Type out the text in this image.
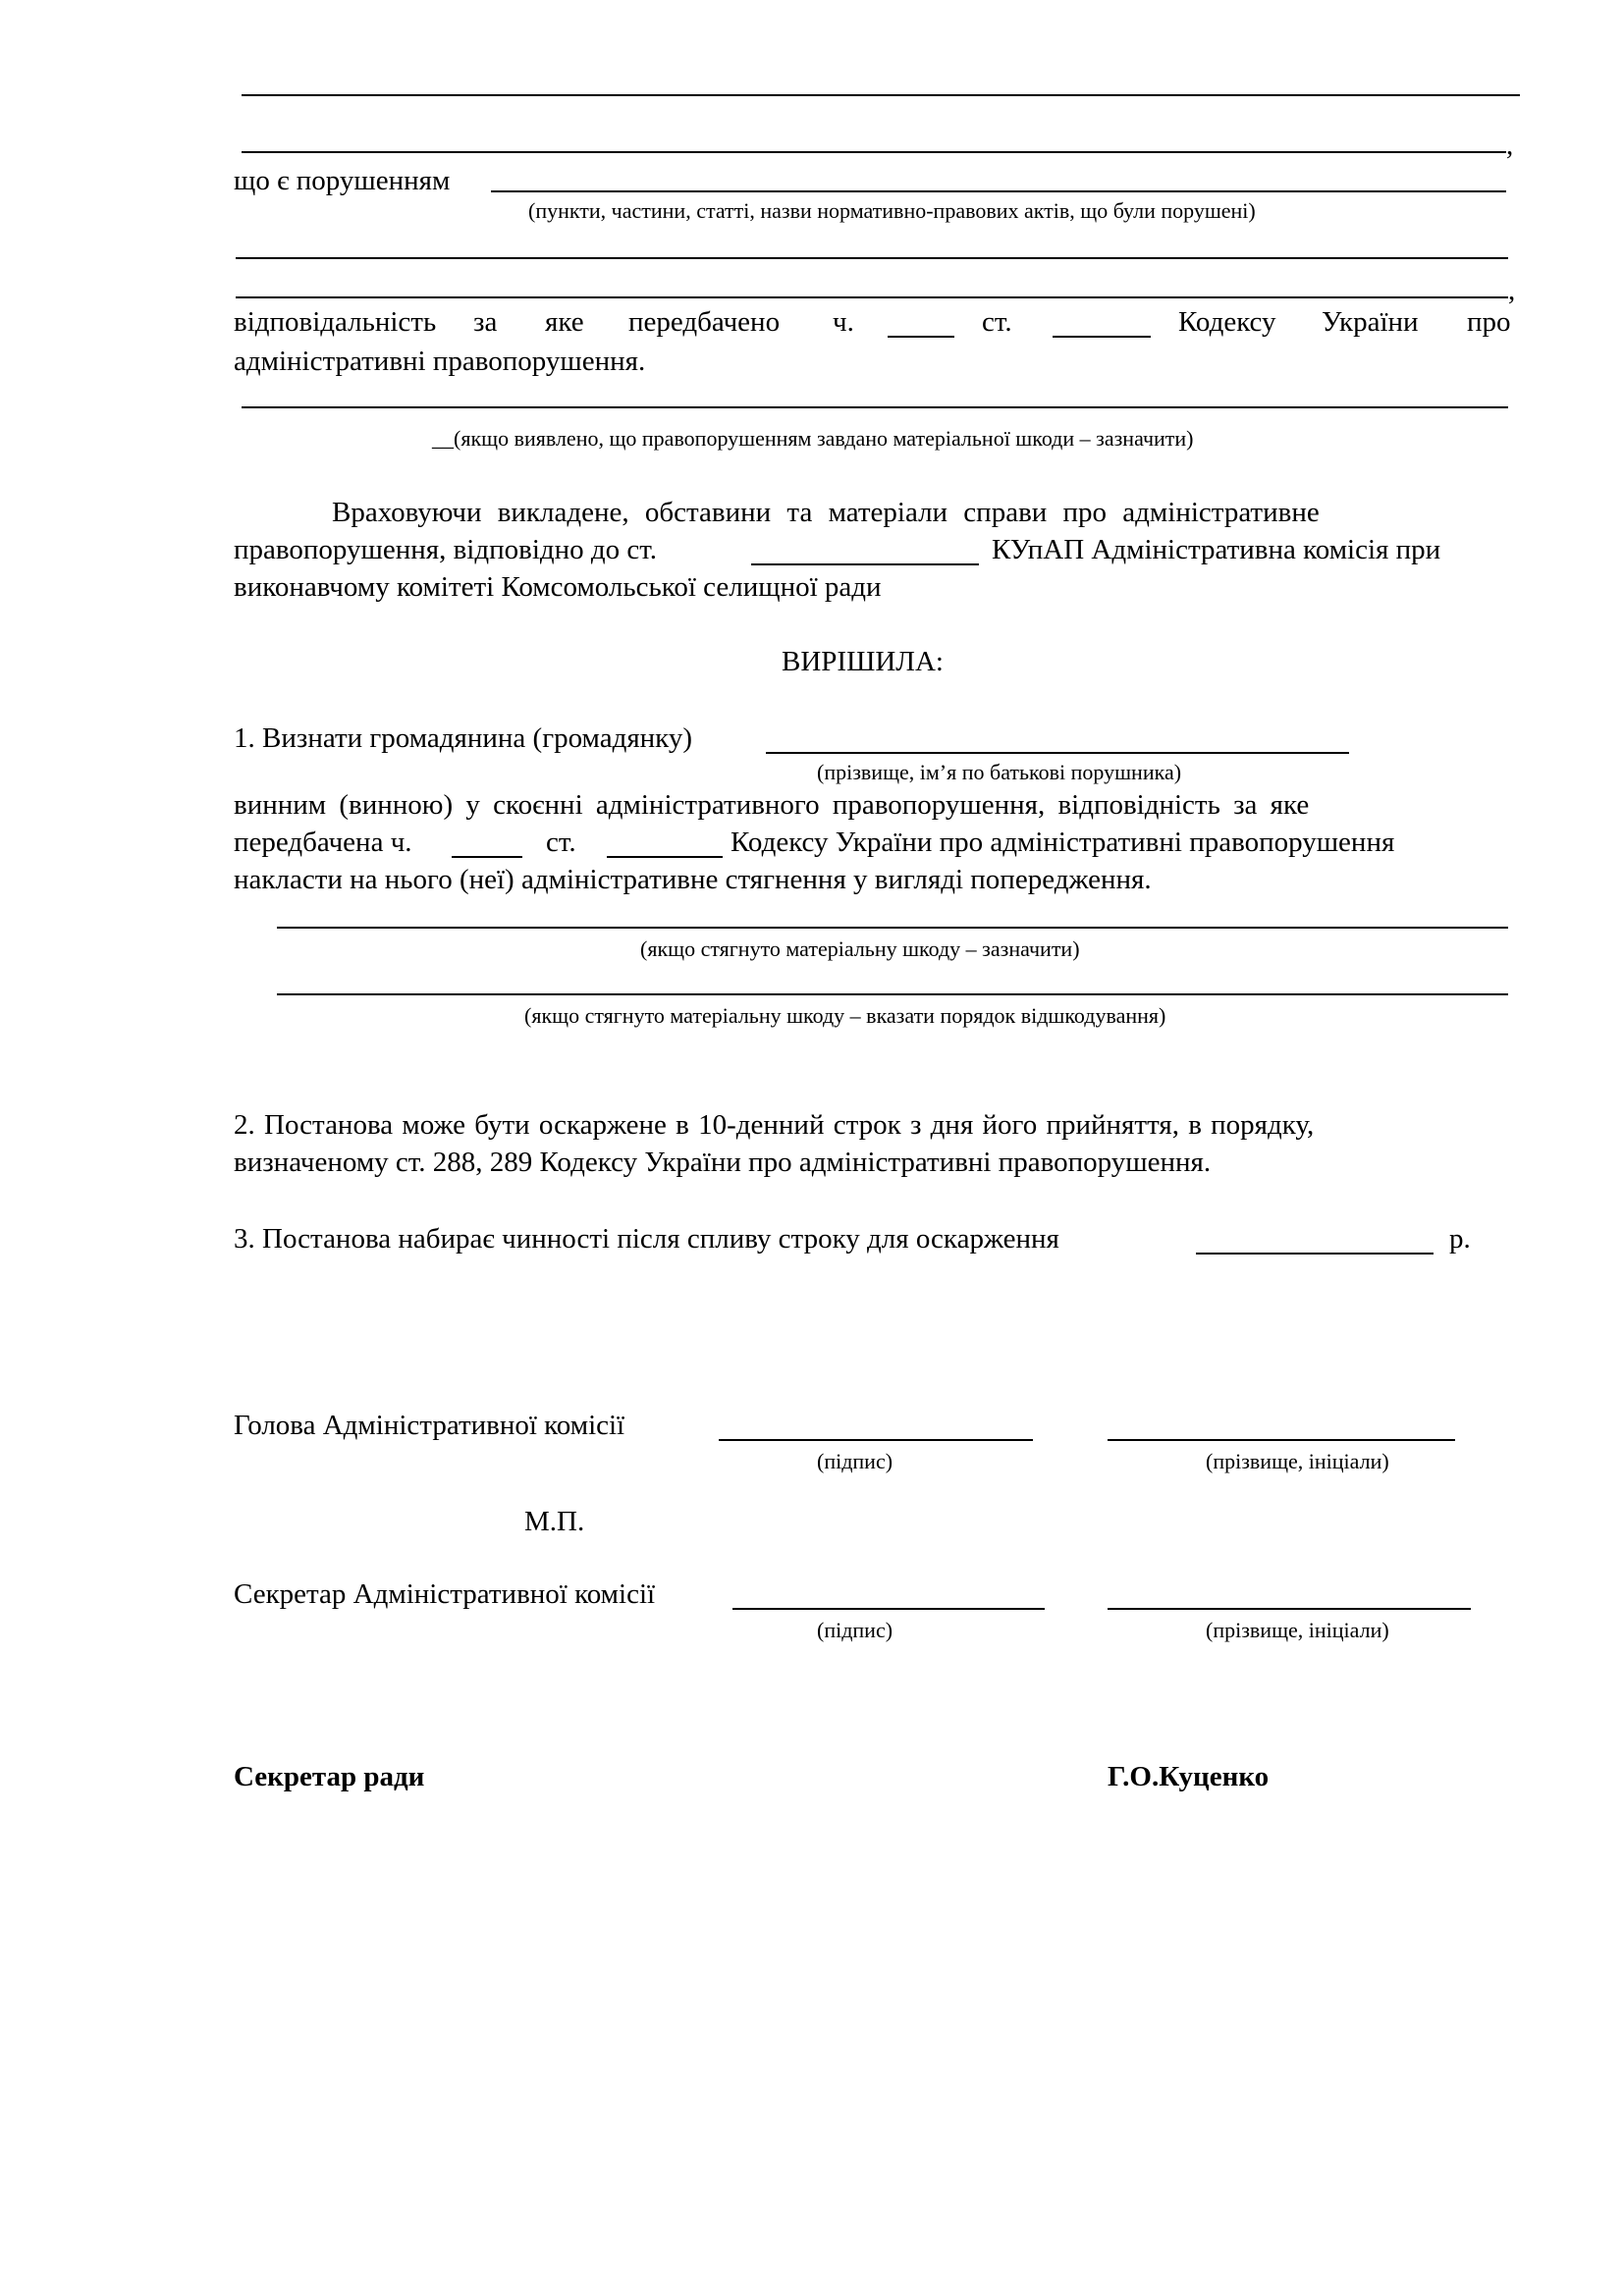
,
що є порушенням
(пункти, частини, статті, назви нормативно-правових актів, що були порушені)
,
відповідальність за яке передбачено ч.	ст.	Кодексу України про
адміністративні правопорушення.
__(якщо виявлено, що правопорушенням завдано матеріальної шкоди – зазначити)
Враховуючи викладене, обставини та матеріали справи про адміністративне
правопорушення, відповідно до ст.	КУпАП Адміністративна комісія при
виконавчому комітеті Комсомольської селищної ради
ВИРІШИЛА:
1. Визнати громадянина (громадянку)
(прізвище, ім’я по батькові порушника)
винним (винною) у скоєнні адміністративного правопорушення, відповідність за яке
передбачена ч.	ст.	Кодексу України про адміністративні правопорушення
накласти на нього (неї) адміністративне стягнення у вигляді попередження.
(якщо стягнуто матеріальну шкоду – зазначити)
(якщо стягнуто матеріальну шкоду – вказати порядок відшкодування)
2. Постанова може бути оскаржене в 10-денний строк з дня його прийняття, в порядку,
визначеному ст. 288, 289 Кодексу України про адміністративні правопорушення.
3. Постанова набирає чинності після спливу строку для оскарження	р.
Голова Адміністративної комісії
(підпис)	(прізвище, ініціали)
М.П.
Секретар Адміністративної комісії
(підпис)	(прізвище, ініціали)
Секретар ради	Г.О.Куценко
